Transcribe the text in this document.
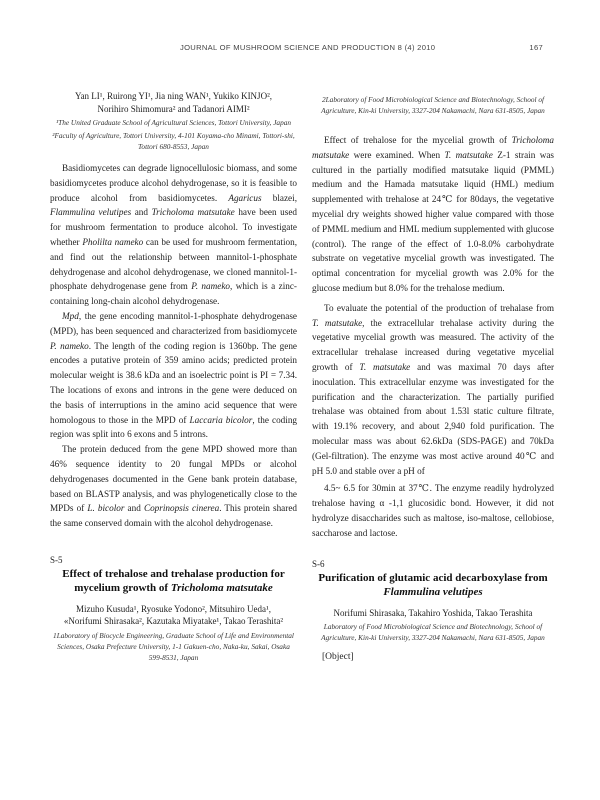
JOURNAL OF MUSHROOM SCIENCE AND PRODUCTION 8 (4) 2010	167
Yan LI¹, Ruirong YI¹, Jia ning WAN¹, Yukiko KINJO²,
Norihiro Shimomura² and Tadanori AIMI²
¹The United Graduate School of Agricultural Sciences, Tottori University, Japan
²Faculty of Agriculture, Tottori University, 4-101 Koyama-cho Minami, Tottori-shi, Tottori 680-8553, Japan

Basidiomycetes can degrade lignocellulosic biomass, and some basidiomycetes produce alcohol dehydrogenase, so it is feasible to produce alcohol from basidiomycetes. Agaricus blazei, Flammulina velutipes and Tricholoma matsutake have been used for mushroom fermentation to produce alcohol. To investigate whether Pholilta nameko can be used for mushroom fermentation, and find out the relationship between mannitol-1-phosphate dehydrogenase and alcohol dehydrogenase, we cloned mannitol-1-phosphate dehydrogenase gene from P. nameko, which is a zinc-containing long-chain alcohol dehydrogenase.

Mpd, the gene encoding mannitol-1-phosphate dehydrogenase (MPD), has been sequenced and characterized from basidiomycete P. nameko. The length of the coding region is 1360bp. The gene encodes a putative protein of 359 amino acids; predicted protein molecular weight is 38.6 kDa and an isoelectric point is PI = 7.34. The locations of exons and introns in the gene were deduced on the basis of interruptions in the amino acid sequence that were homologous to those in the MPD of Laccaria bicolor, the coding region was split into 6 exons and 5 introns.

The protein deduced from the gene MPD showed more than 46% sequence identity to 20 fungal MPDs or alcohol dehydrogenases documented in the Gene bank protein database, based on BLASTP analysis, and was phylogenetically close to the MPDs of L. bicolor and Coprinopsis cinerea. This protein shared the same conserved domain with the alcohol dehydrogenase.

S-5
Effect of trehalose and trehalase production for mycelium growth of Tricholoma matsutake
Mizuho Kusuda¹, Ryosuke Yodono², Mitsuhiro Ueda¹,
«Norifumi Shirasaka², Kazutaka Miyatake¹, Takao Terashita²
1Laboratory of Biocycle Engineering, Graduate School of Life and Environmental Sciences, Osaka Prefecture University, 1-1 Gakuen-cho, Naka-ku, Sakai, Osaka 599-8531, Japan
2Laboratory of Food Microbiological Science and Biotechnology, School of Agriculture, Kin-ki University, 3327-204 Nakamachi, Nara 631-8505, Japan

Effect of trehalose for the mycelial growth of Tricholoma matsutake were examined. When T. matsutake Z-1 strain was cultured in the partially modified matsutake liquid (PMML) medium and the Hamada matsutake liquid (HML) medium supplemented with trehalose at 24℃ for 80days, the vegetative mycelial dry weights showed higher value compared with those of PMML medium and HML medium supplemented with glucose (control). The range of the effect of 1.0-8.0% carbohydrate substrate on vegetative mycelial growth was investigated. The optimal concentration for mycelial growth was 2.0% for the glucose medium but 8.0% for the trehalose medium.

To evaluate the potential of the production of trehalase from T. matsutake, the extracellular trehalase activity during the vegetative mycelial growth was measured. The activity of the extracellular trehalase increased during vegetative mycelial growth of T. matsutake and was maximal 70 days after inoculation. This extracellular enzyme was investigated for the purification and the characterization. The partially purified trehalase was obtained from about 1.53l static culture filtrate, with 19.1% recovery, and about 2,940 fold purification. The molecular mass was about 62.6kDa (SDS-PAGE) and 70kDa (Gel-filtration). The enzyme was most active around 40℃ and pH 5.0 and stable over a pH of

4.5~ 6.5 for 30min at 37℃. The enzyme readily hydrolyzed trehalose having α -1,1 glucosidic bond. However, it did not hydrolyze disaccharides such as maltose, iso-maltose, cellobiose, saccharose and lactose.

S-6
Purification of glutamic acid decarboxylase from Flammulina velutipes
Norifumi Shirasaka, Takahiro Yoshida, Takao Terashita
Laboratory of Food Microbiological Science and Biotechnology, School of Agriculture, Kin-ki University, 3327-204 Nakamachi, Nara 631-8505, Japan
[Object]
